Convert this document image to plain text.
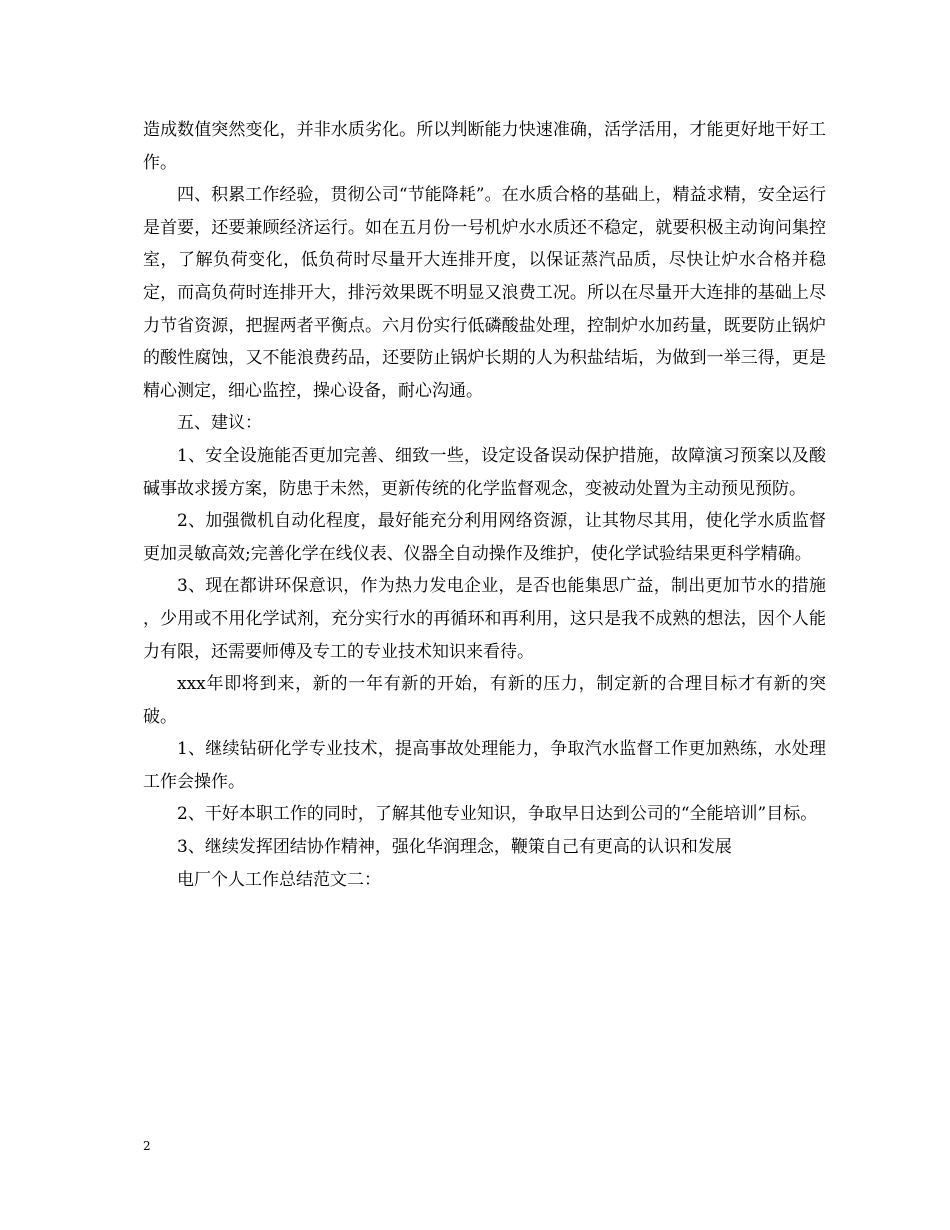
造成数值突然变化，并非水质劣化。所以判断能力快速准确，活学活用，才能更好地干好工作。

四、积累工作经验，贯彻公司“节能降耗”。在水质合格的基础上，精益求精，安全运行是首要，还要兼顾经济运行。如在五月份一号机炉水水质还不稳定，就要积极主动询问集控室，了解负荷变化，低负荷时尽量开大连排开度，以保证蒸汽品质，尽快让炉水合格并稳定，而高负荷时连排开大，排污效果既不明显又浪费工况。所以在尽量开大连排的基础上尽力节省资源，把握两者平衡点。六月份实行低磷酸盐处理，控制炉水加药量，既要防止锅炉的酸性腐蚀，又不能浪费药品，还要防止锅炉长期的人为积盐结垢，为做到一举三得，更是精心测定，细心监控，操心设备，耐心沟通。

五、建议：

1、安全设施能否更加完善、细致一些，设定设备误动保护措施，故障演习预案以及酸碱事故求援方案，防患于未然，更新传统的化学监督观念，变被动处置为主动预见预防。

2、加强微机自动化程度，最好能充分利用网络资源，让其物尽其用，使化学水质监督更加灵敏高效;完善化学在线仪表、仪器全自动操作及维护，使化学试验结果更科学精确。

3、现在都讲环保意识，作为热力发电企业，是否也能集思广益，制出更加节水的措施 ，少用或不用化学试剂，充分实行水的再循环和再利用，这只是我不成熟的想法，因个人能力有限，还需要师傅及专工的专业技术知识来看待。

xxx年即将到来，新的一年有新的开始，有新的压力，制定新的合理目标才有新的突破。

1、继续钻研化学专业技术，提高事故处理能力，争取汽水监督工作更加熟练，水处理工作会操作。

2、干好本职工作的同时，了解其他专业知识，争取早日达到公司的“全能培训”目标。

3、继续发挥团结协作精神，强化华润理念，鞭策自己有更高的认识和发展

电厂个人工作总结范文二：

2
